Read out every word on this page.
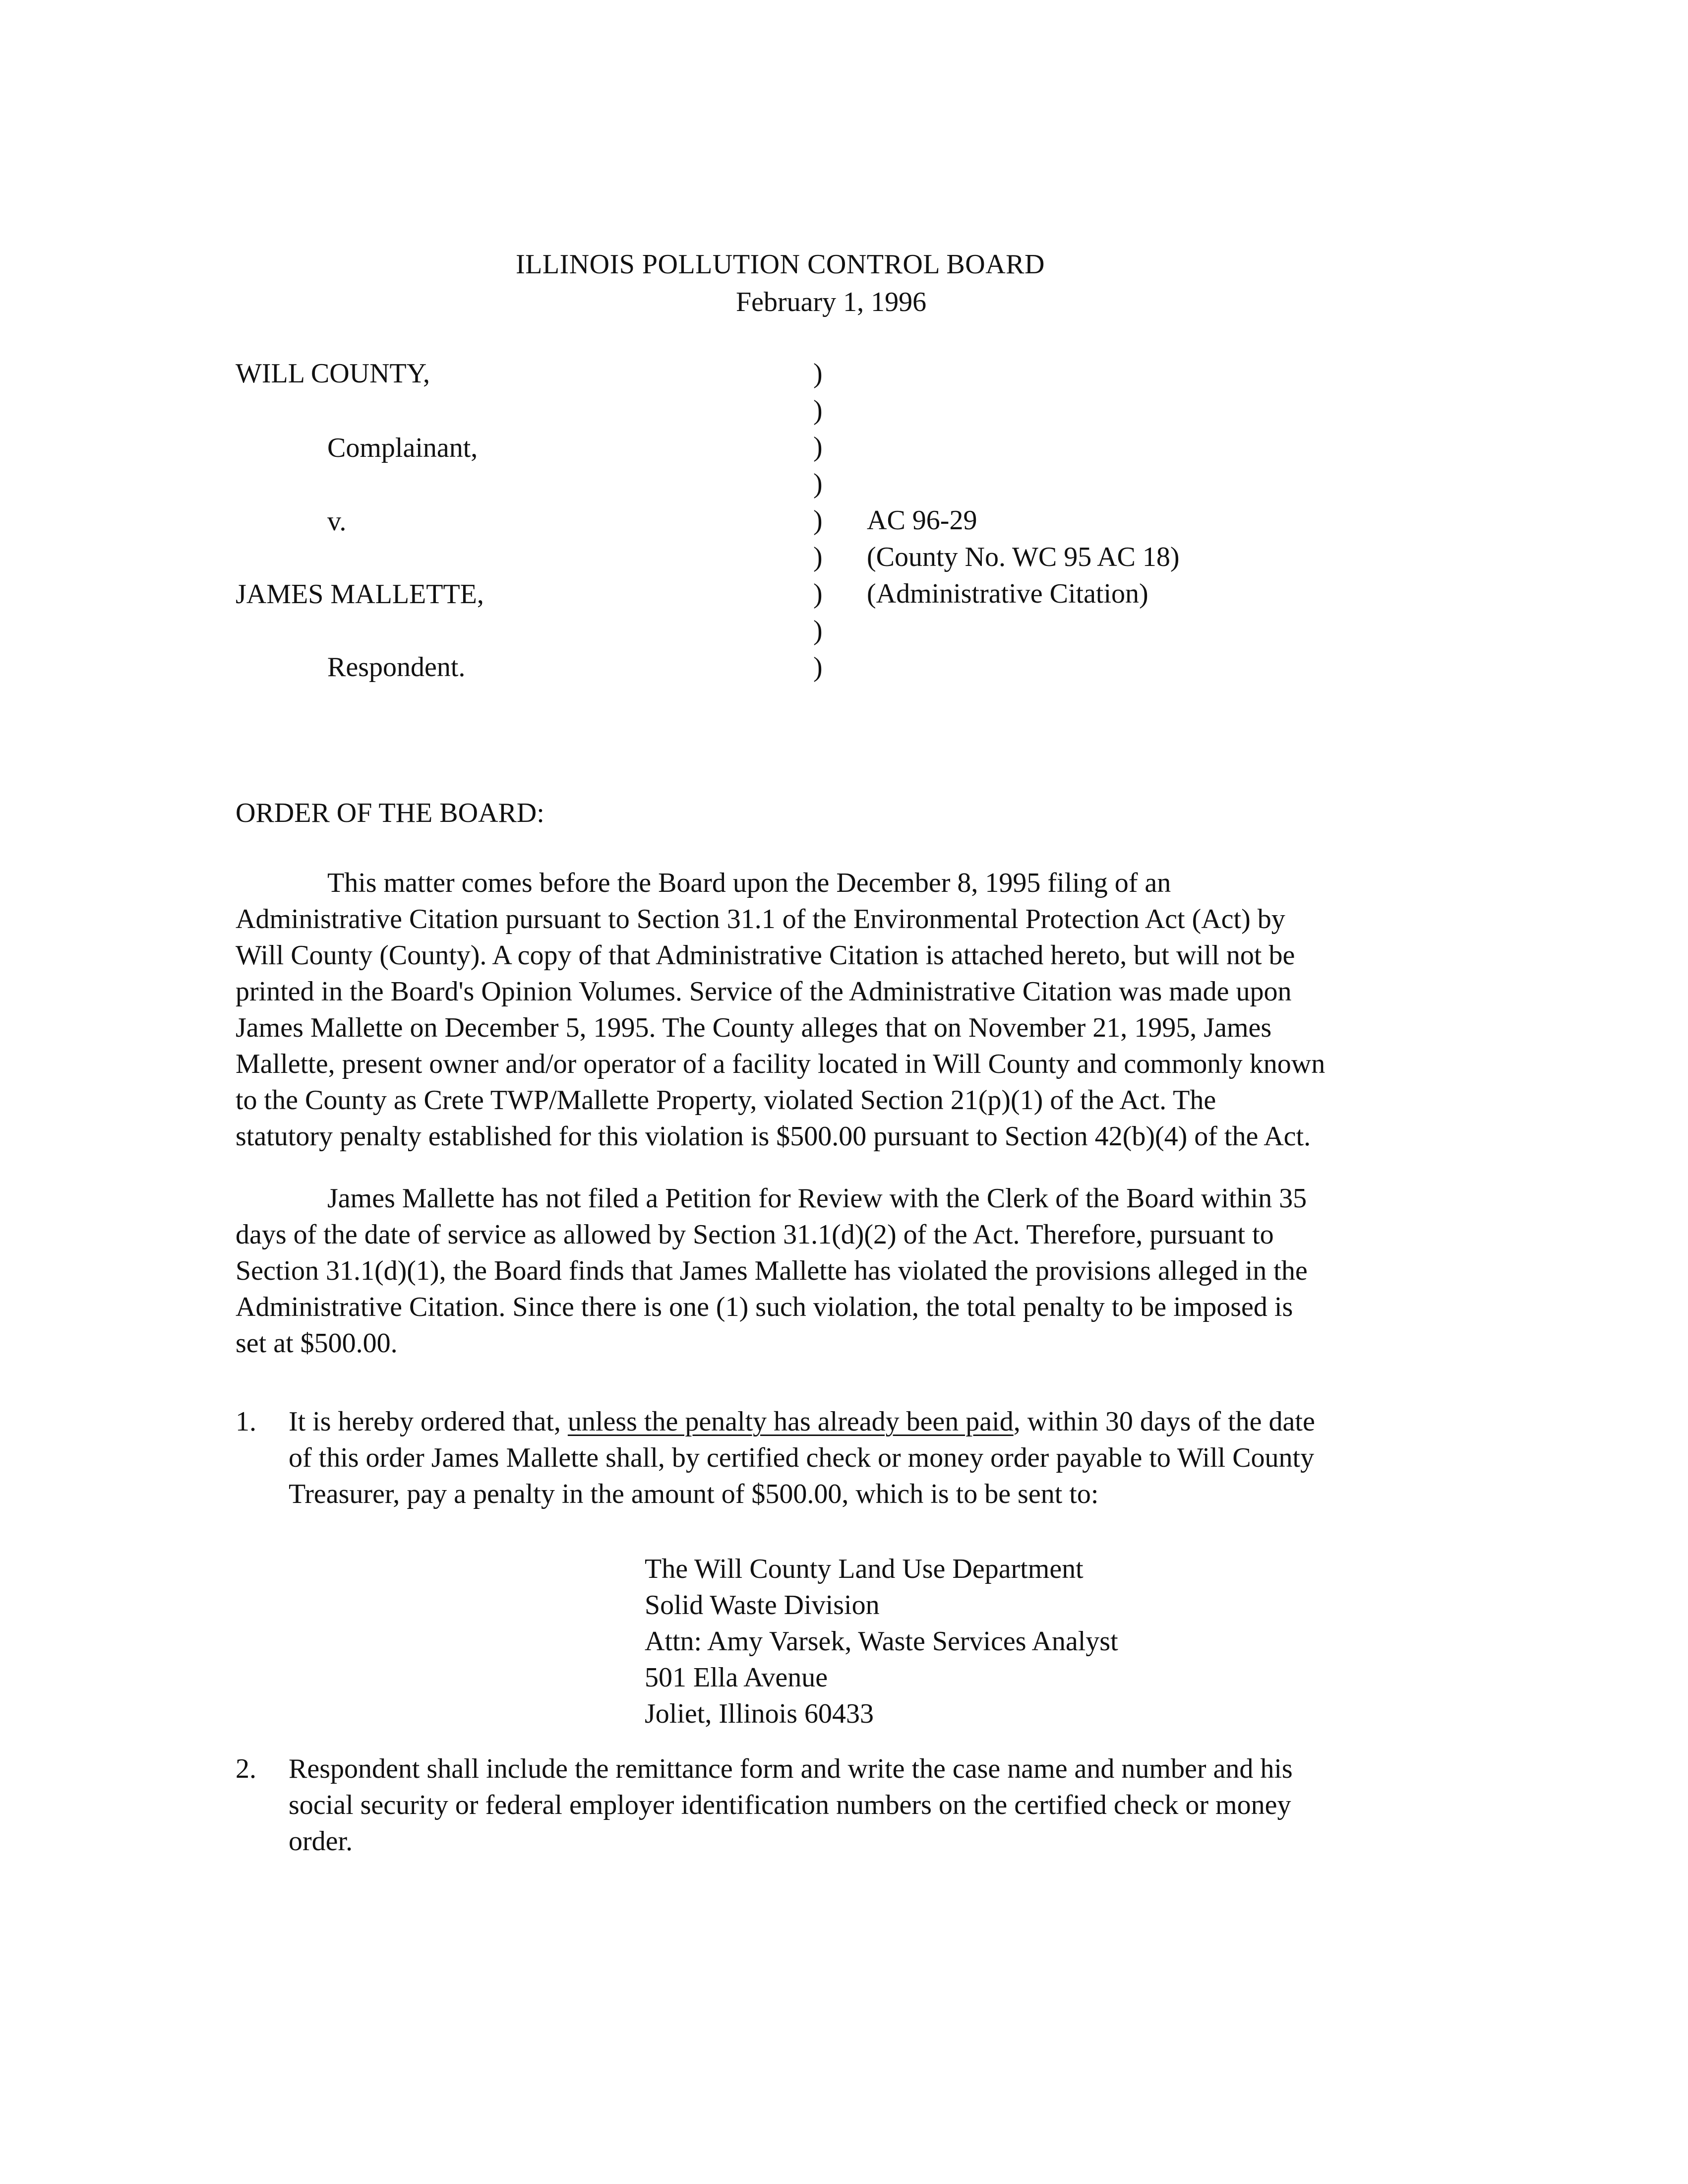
ILLINOIS POLLUTION CONTROL BOARD
February 1, 1996
WILL COUNTY,
Complainant,
v.
JAMES MALLETTE,
Respondent.
)
)
)
)
)
)
)
)
)
AC 96-29
(County No. WC 95 AC 18)
(Administrative Citation)
ORDER OF THE BOARD:
This matter comes before the Board upon the December 8, 1995 filing of an
Administrative Citation pursuant to Section 31.1 of the Environmental Protection Act (Act) by
Will County (County). A copy of that Administrative Citation is attached hereto, but will not be
printed in the Board's Opinion Volumes. Service of the Administrative Citation was made upon
James Mallette on December 5, 1995. The County alleges that on November 21, 1995, James
Mallette, present owner and/or operator of a facility located in Will County and commonly known
to the County as Crete TWP/Mallette Property, violated Section 21(p)(1) of the Act. The
statutory penalty established for this violation is $500.00 pursuant to Section 42(b)(4) of the Act.
James Mallette has not filed a Petition for Review with the Clerk of the Board within 35
days of the date of service as allowed by Section 31.1(d)(2) of the Act. Therefore, pursuant to
Section 31.1(d)(1), the Board finds that James Mallette has violated the provisions alleged in the
Administrative Citation. Since there is one (1) such violation, the total penalty to be imposed is
set at $500.00.
1. It is hereby ordered that, unless the penalty has already been paid, within 30 days of the date
of this order James Mallette shall, by certified check or money order payable to Will County
Treasurer, pay a penalty in the amount of $500.00, which is to be sent to:
The Will County Land Use Department
Solid Waste Division
Attn: Amy Varsek, Waste Services Analyst
501 Ella Avenue
Joliet, Illinois 60433
2. Respondent shall include the remittance form and write the case name and number and his
social security or federal employer identification numbers on the certified check or money
order.
